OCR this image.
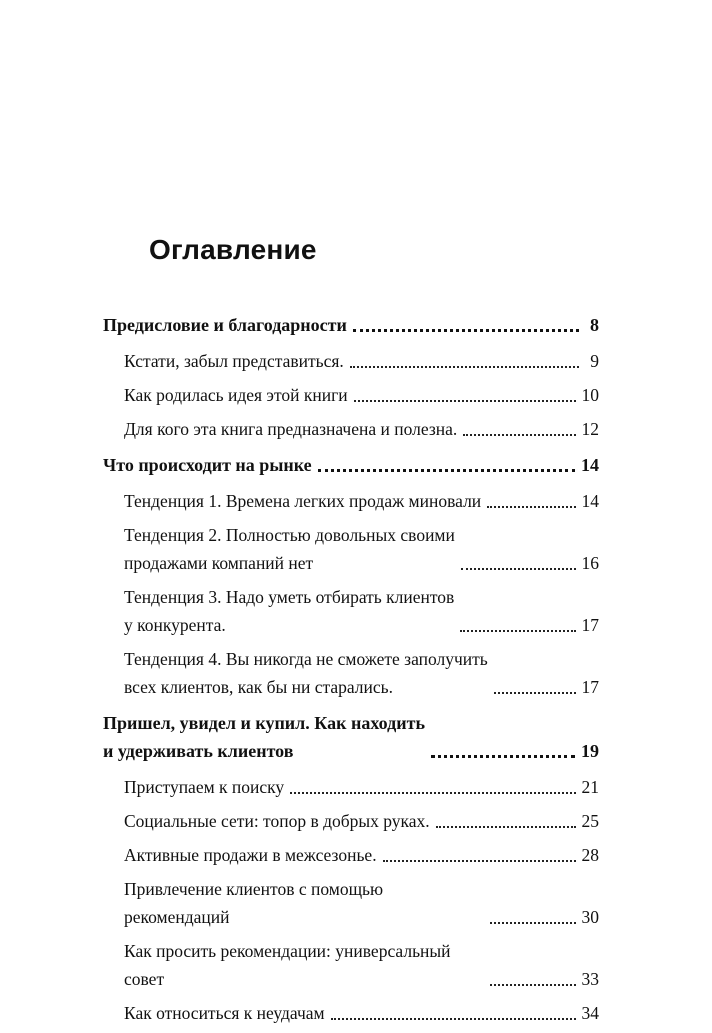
Оглавление
Предисловие и благодарности	8
Кстати, забыл представиться.	9
Как родилась идея этой книги	10
Для кого эта книга предназначена и полезна.	12
Что происходит на рынке	14
Тенденция 1. Времена легких продаж миновали	14
Тенденция 2. Полностью довольных своими
продажами компаний нет	16
Тенденция 3. Надо уметь отбирать клиентов
у конкурента.	17
Тенденция 4. Вы никогда не сможете заполучить
всех клиентов, как бы ни старались.	17
Пришел, увидел и купил. Как находить
и удерживать клиентов	19
Приступаем к поиску	21
Социальные сети: топор в добрых руках.	25
Активные продажи в межсезонье.	28
Привлечение клиентов с помощью рекомендаций	30
Как просить рекомендации: универсальный совет	33
Как относиться к неудачам	34
